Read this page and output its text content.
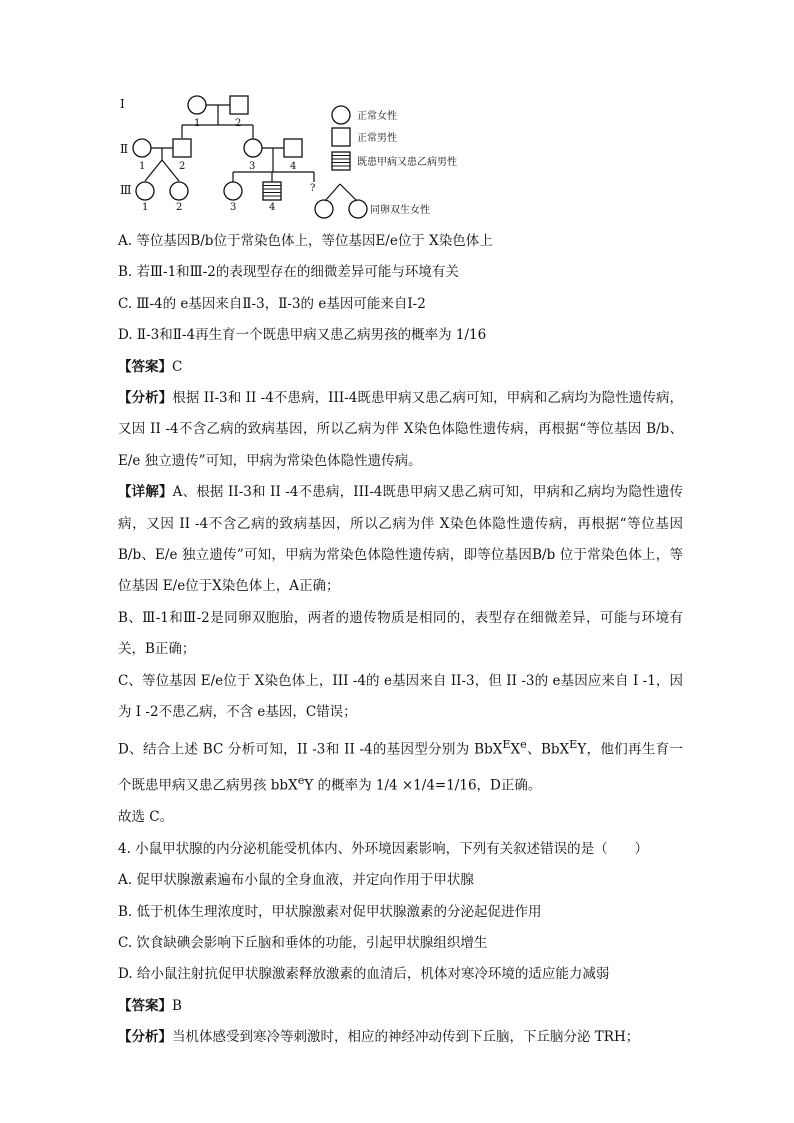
Ⅰ
Ⅱ
Ⅲ
1	2
1	2	3	4
?
1	2	3	4
正常女性
正常男性
既患甲病又患乙病男性
同卵双生女性
A. 等位基因B/b位于常染色体上，等位基因E/e位于 X染色体上
B. 若Ⅲ-1和Ⅲ-2的表现型存在的细微差异可能与环境有关
C. Ⅲ-4的 e基因来自Ⅱ-3，Ⅱ-3的 e基因可能来自Ⅰ-2
D. Ⅱ-3和Ⅱ-4再生育一个既患甲病又患乙病男孩的概率为 1/16
【答案】C
【分析】根据 II-3和 II -4不患病，III-4既患甲病又患乙病可知，甲病和乙病均为隐性遗传病，又因 II -4不含乙病的致病基因，所以乙病为伴 X染色体隐性遗传病，再根据“等位基因 B/b、E/e 独立遗传”可知，甲病为常染色体隐性遗传病。
【详解】A、根据 II-3和 II -4不患病，III-4既患甲病又患乙病可知，甲病和乙病均为隐性遗传病，又因 II -4不含乙病的致病基因，所以乙病为伴 X染色体隐性遗传病，再根据“等位基因 B/b、E/e 独立遗传”可知，甲病为常染色体隐性遗传病，即等位基因B/b 位于常染色体上，等位基因 E/e位于X染色体上，A正确；
B、Ⅲ-1和Ⅲ-2是同卵双胞胎，两者的遗传物质是相同的，表型存在细微差异，可能与环境有关，B正确；
C、等位基因 E/e位于 X染色体上，III -4的 e基因来自 II-3，但 II -3的 e基因应来自 I -1，因为 I -2不患乙病，不含 e基因，C错误；
D、结合上述 BC 分析可知，II -3和 II -4的基因型分别为 BbX$^E$Xe、BbX$^E$Y，他们再生育一个既患甲病又患乙病男孩 bbX$^e$Y 的概率为 1/4 ×1/4=1/16，D正确。
故选 C。
4. 小鼠甲状腺的内分泌机能受机体内、外环境因素影响，下列有关叙述错误的是（　　）
A. 促甲状腺激素遍布小鼠的全身血液，并定向作用于甲状腺
B. 低于机体生理浓度时，甲状腺激素对促甲状腺激素的分泌起促进作用
C. 饮食缺碘会影响下丘脑和垂体的功能，引起甲状腺组织增生
D. 给小鼠注射抗促甲状腺激素释放激素的血清后，机体对寒冷环境的适应能力减弱
【答案】B
【分析】当机体感受到寒冷等刺激时，相应的神经冲动传到下丘脑，下丘脑分泌 TRH；
